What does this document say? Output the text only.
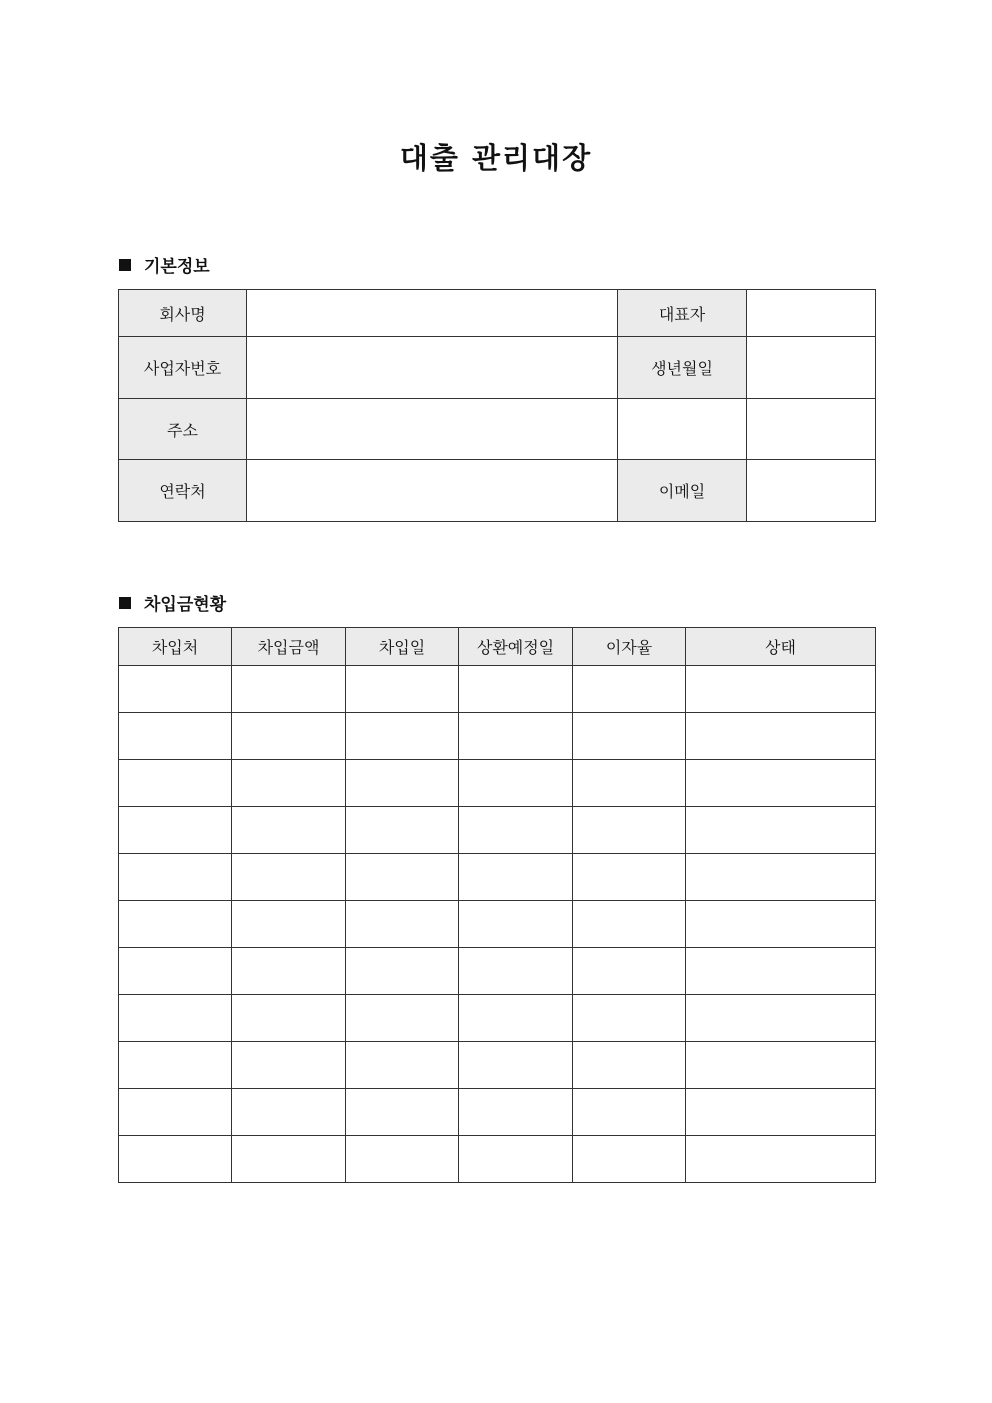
대출 관리대장
기본정보
회사명		대표자	
사업자번호		생년월일	
주소			
연락처		이메일	
차입금현황
차입처	차입금액	차입일	상환예정일	이자율	상태
